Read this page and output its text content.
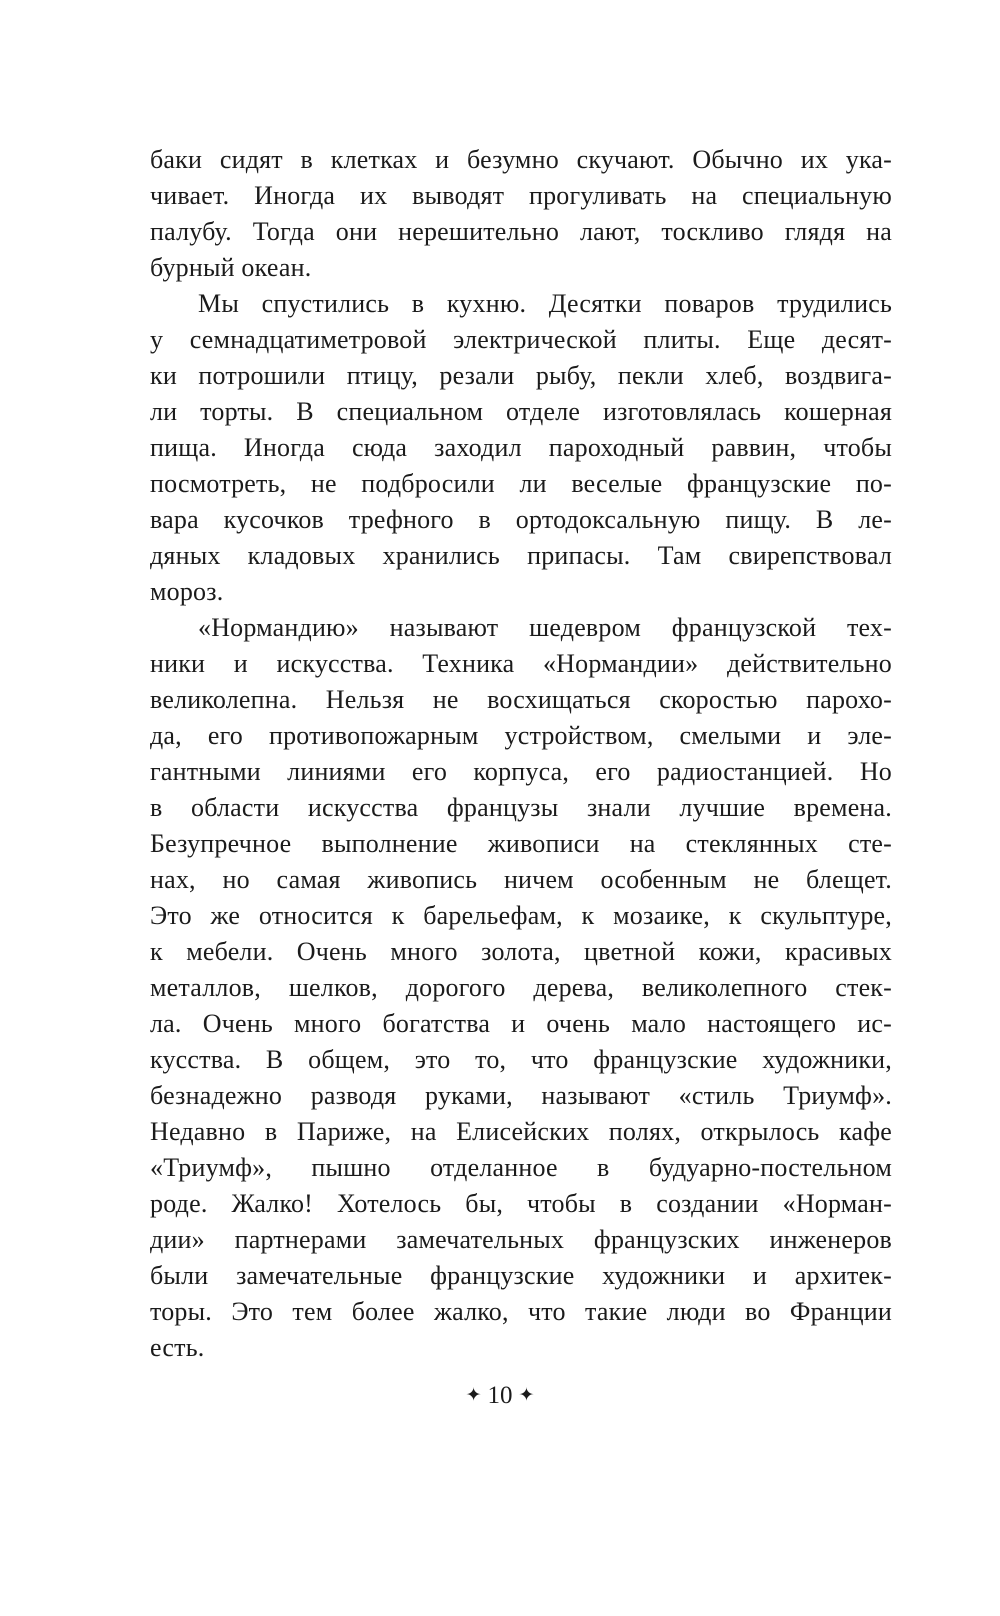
баки сидят в клетках и безумно скучают. Обычно их ука-
чивает. Иногда их выводят прогуливать на специальную
палубу. Тогда они нерешительно лают, тоскливо глядя на
бурный океан.
Мы спустились в кухню. Десятки поваров трудились
у семнадцатиметровой электрической плиты. Еще десят-
ки потрошили птицу, резали рыбу, пекли хлеб, воздвига-
ли торты. В специальном отделе изготовлялась кошерная
пища. Иногда сюда заходил пароходный раввин, чтобы
посмотреть, не подбросили ли веселые французские по-
вара кусочков трефного в ортодоксальную пищу. В ле-
дяных кладовых хранились припасы. Там свирепствовал
мороз.
«Нормандию» называют шедевром французской тех-
ники и искусства. Техника «Нормандии» действительно
великолепна. Нельзя не восхищаться скоростью парохо-
да, его противопожарным устройством, смелыми и эле-
гантными линиями его корпуса, его радиостанцией. Но
в области искусства французы знали лучшие времена.
Безупречное выполнение живописи на стеклянных сте-
нах, но самая живопись ничем особенным не блещет.
Это же относится к барельефам, к мозаике, к скульптуре,
к мебели. Очень много золота, цветной кожи, красивых
металлов, шелков, дорогого дерева, великолепного стек-
ла. Очень много богатства и очень мало настоящего ис-
кусства. В общем, это то, что французские художники,
безнадежно разводя руками, называют «стиль Триумф».
Недавно в Париже, на Елисейских полях, открылось кафе
«Триумф», пышно отделанное в будуарно-постельном
роде. Жалко! Хотелось бы, чтобы в создании «Норман-
дии» партнерами замечательных французских инженеров
были замечательные французские художники и архитек-
торы. Это тем более жалко, что такие люди во Франции
есть.
✦ 10 ✦
